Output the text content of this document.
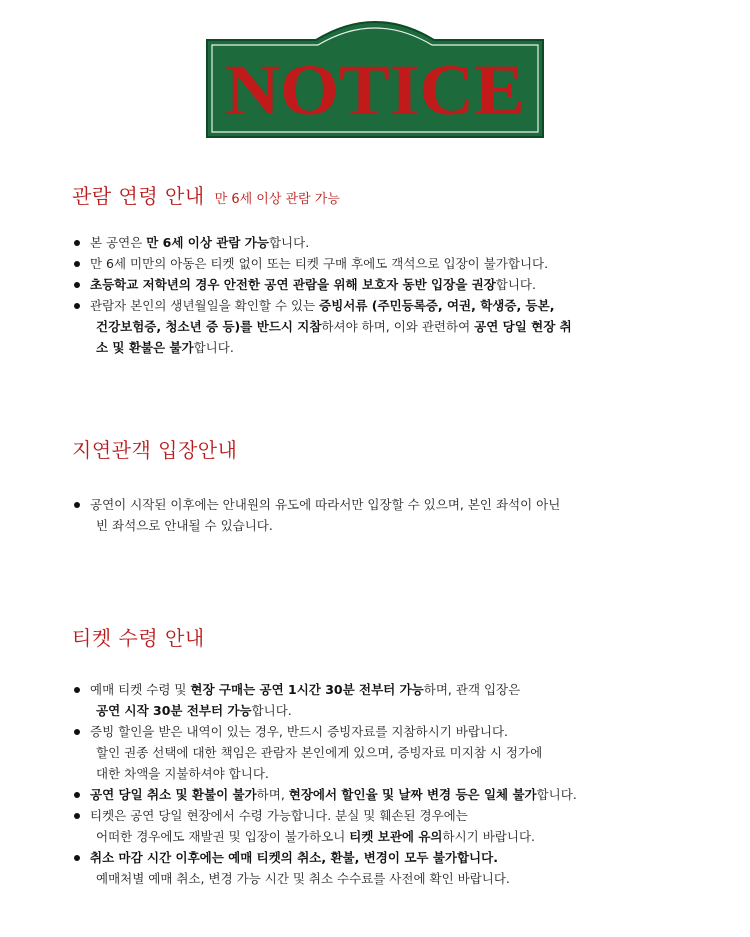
NOTICE
관람 연령 안내 만 6세 이상 관람 가능
본 공연은 만 6세 이상 관람 가능합니다.
만 6세 미만의 아동은 티켓 없이 또는 티켓 구매 후에도 객석으로 입장이 불가합니다.
초등학교 저학년의 경우 안전한 공연 관람을 위해 보호자 동반 입장을 권장합니다.
관람자 본인의 생년월일을 확인할 수 있는 증빙서류 (주민등록증, 여권, 학생증, 등본,
건강보험증, 청소년 증 등)를 반드시 지참하셔야 하며, 이와 관련하여 공연 당일 현장 취
소 및 환불은 불가합니다.
지연관객 입장안내
공연이 시작된 이후에는 안내원의 유도에 따라서만 입장할 수 있으며, 본인 좌석이 아닌
빈 좌석으로 안내될 수 있습니다.
티켓 수령 안내
예매 티켓 수령 및 현장 구매는 공연 1시간 30분 전부터 가능하며, 관객 입장은
공연 시작 30분 전부터 가능합니다.
증빙 할인을 받은 내역이 있는 경우, 반드시 증빙자료를 지참하시기 바랍니다.
할인 권종 선택에 대한 책임은 관람자 본인에게 있으며, 증빙자료 미지참 시 정가에
대한 차액을 지불하셔야 합니다.
공연 당일 취소 및 환불이 불가하며, 현장에서 할인율 및 날짜 변경 등은 일체 불가합니다.
티켓은 공연 당일 현장에서 수령 가능합니다. 분실 및 훼손된 경우에는
어떠한 경우에도 재발권 및 입장이 불가하오니 티켓 보관에 유의하시기 바랍니다.
취소 마감 시간 이후에는 예매 티켓의 취소, 환불, 변경이 모두 불가합니다.
예매처별 예매 취소, 변경 가능 시간 및 취소 수수료를 사전에 확인 바랍니다.
